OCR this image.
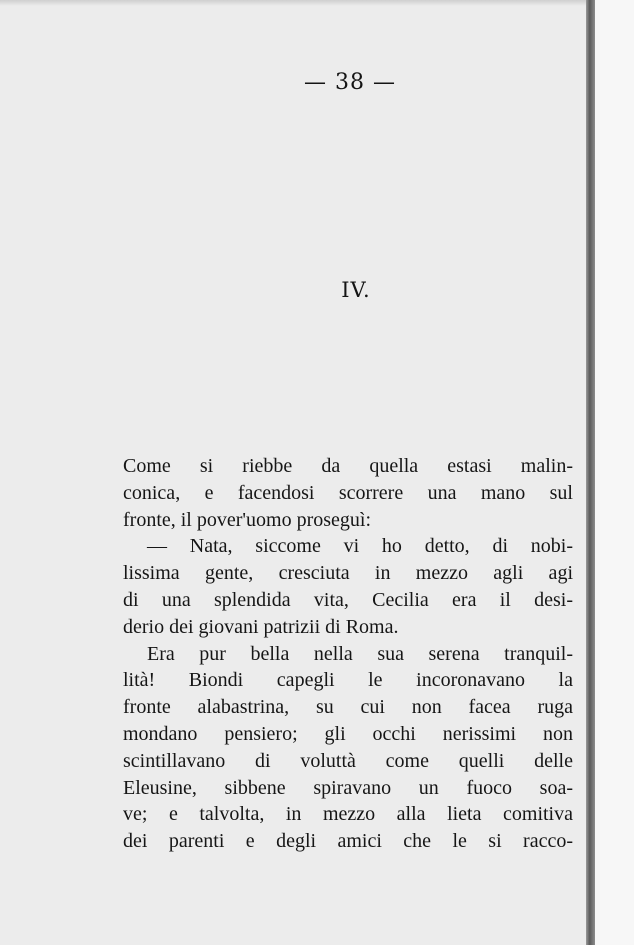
— 38 —
IV.
Come si riebbe da quella estasi malin-
conica, e facendosi scorrere una mano sul
fronte, il pover'uomo proseguì:
— Nata, siccome vi ho detto, di nobi-
lissima gente, cresciuta in mezzo agli agi
di una splendida vita, Cecilia era il desi-
derio dei giovani patrizii di Roma.
Era pur bella nella sua serena tranquil-
lità! Biondi capegli le incoronavano la
fronte alabastrina, su cui non facea ruga
mondano pensiero; gli occhi nerissimi non
scintillavano di voluttà come quelli delle
Eleusine, sibbene spiravano un fuoco soa-
ve; e talvolta, in mezzo alla lieta comitiva
dei parenti e degli amici che le si racco-
